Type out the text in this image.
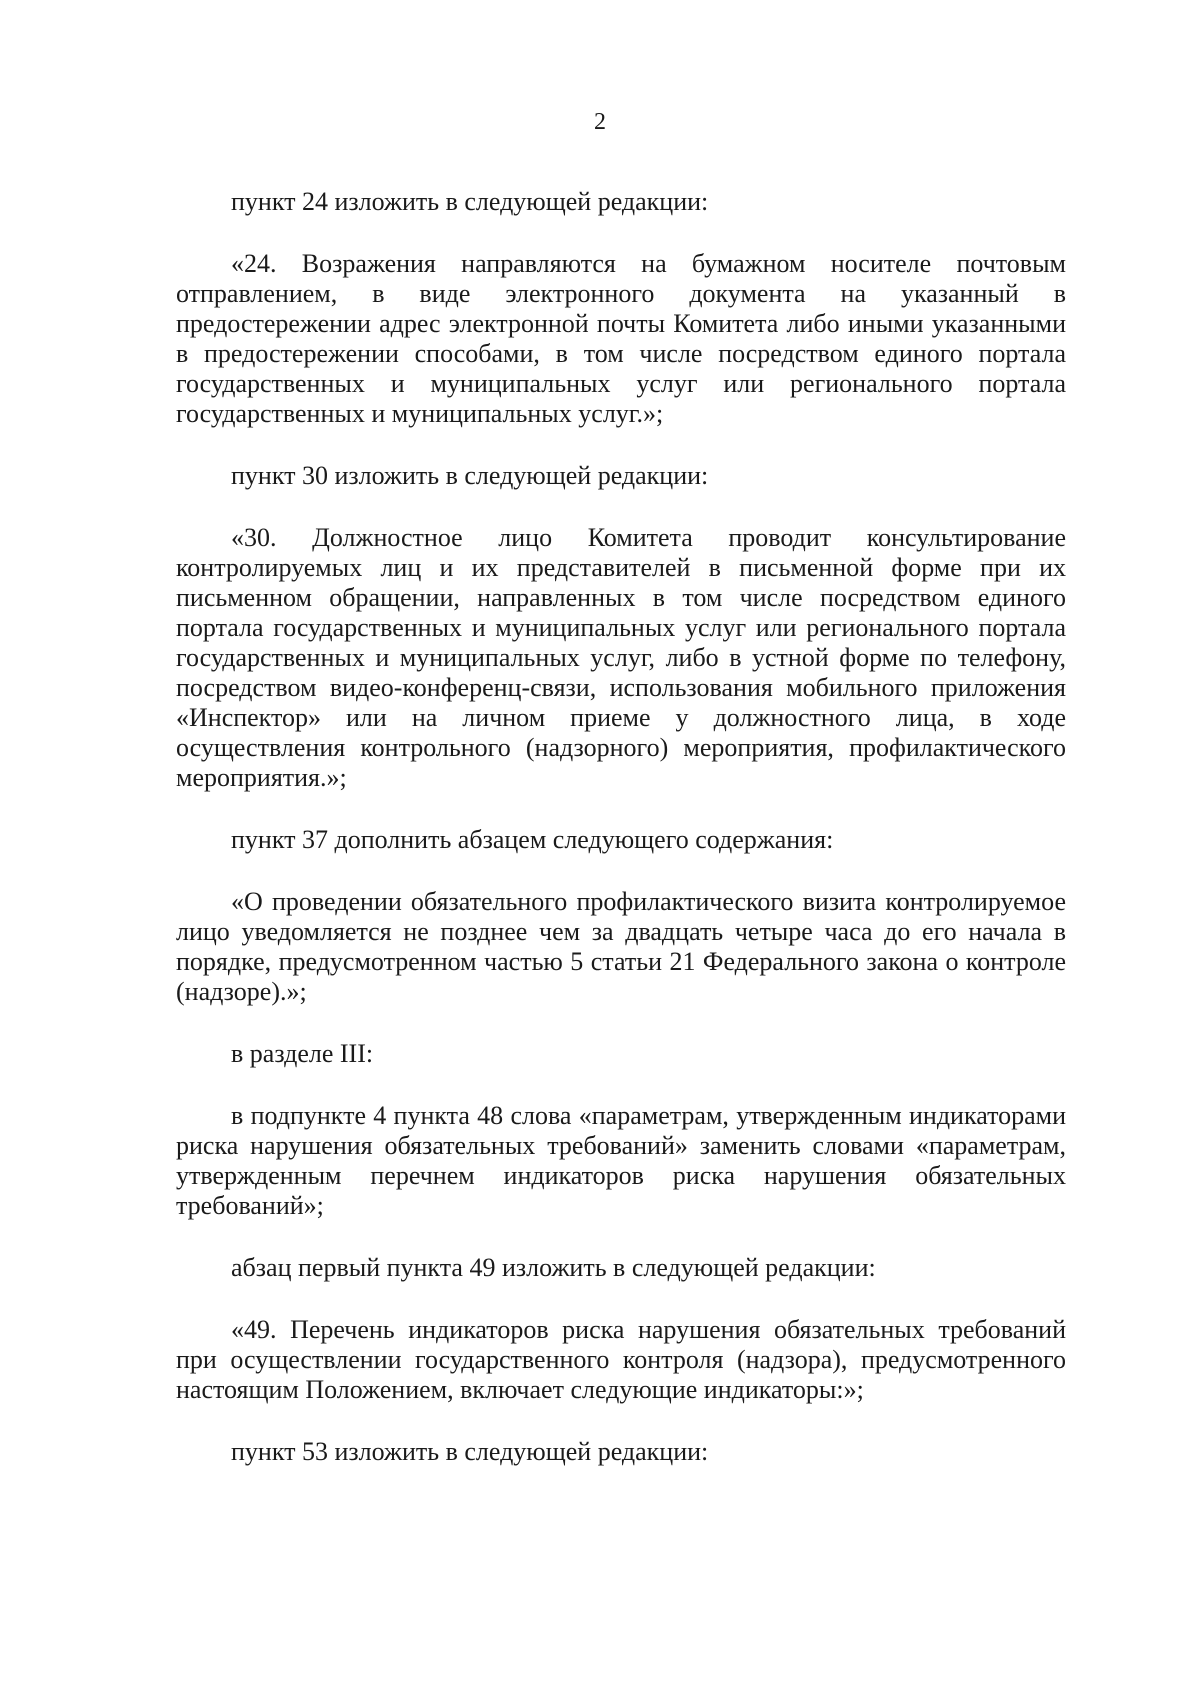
2

пункт 24 изложить в следующей редакции:

«24. Возражения направляются на бумажном носителе почтовым отправлением, в виде электронного документа на указанный в предостережении адрес электронной почты Комитета либо иными указанными в предостережении способами, в том числе посредством единого портала государственных и муниципальных услуг или регионального портала государственных и муниципальных услуг.»;

пункт 30 изложить в следующей редакции:

«30. Должностное лицо Комитета проводит консультирование контролируемых лиц и их представителей в письменной форме при их письменном обращении, направленных в том числе посредством единого портала государственных и муниципальных услуг или регионального портала государственных и муниципальных услуг, либо в устной форме по телефону, посредством видео-конференц-связи, использования мобильного приложения «Инспектор» или на личном приеме у должностного лица, в ходе осуществления контрольного (надзорного) мероприятия, профилактического мероприятия.»;

пункт 37 дополнить абзацем следующего содержания:

«О проведении обязательного профилактического визита контролируемое лицо уведомляется не позднее чем за двадцать четыре часа до его начала в порядке, предусмотренном частью 5 статьи 21 Федерального закона о контроле (надзоре).»;

в разделе III:

в подпункте 4 пункта 48 слова «параметрам, утвержденным индикаторами риска нарушения обязательных требований» заменить словами «параметрам, утвержденным перечнем индикаторов риска нарушения обязательных требований»;

абзац первый пункта 49 изложить в следующей редакции:

«49. Перечень индикаторов риска нарушения обязательных требований при осуществлении государственного контроля (надзора), предусмотренного настоящим Положением, включает следующие индикаторы:»;

пункт 53 изложить в следующей редакции:
